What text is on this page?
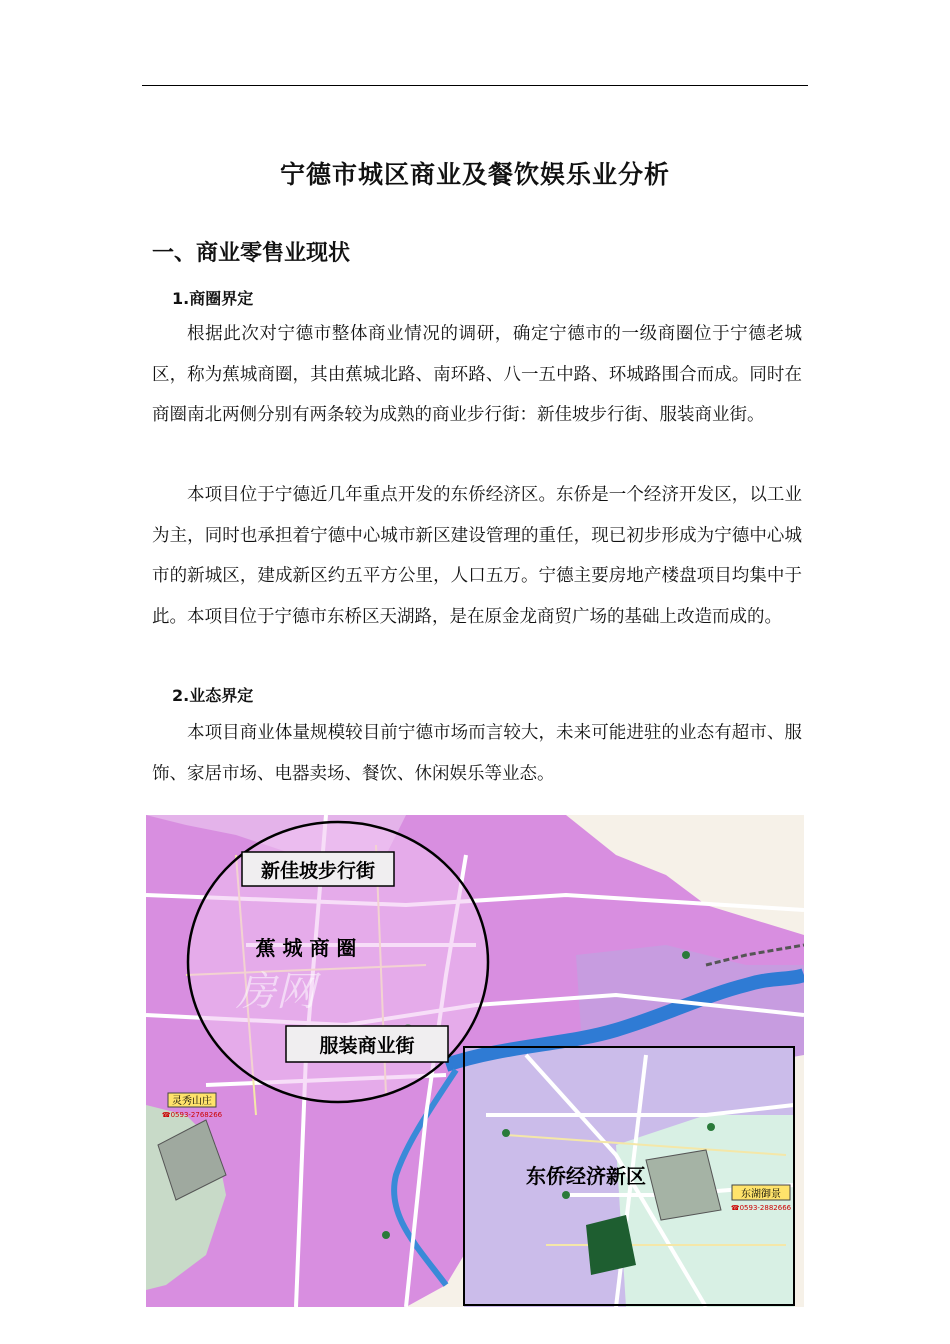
宁德市城区商业及餐饮娱乐业分析
一、商业零售业现状
1.商圈界定

根据此次对宁德市整体商业情况的调研，确定宁德市的一级商圈位于宁德老城区，称为蕉城商圈，其由蕉城北路、南环路、八一五中路、环城路围合而成。同时在商圈南北两侧分别有两条较为成熟的商业步行街：新佳坡步行街、服装商业街。

本项目位于宁德近几年重点开发的东侨经济区。东侨是一个经济开发区，以工业为主，同时也承担着宁德中心城市新区建设管理的重任，现已初步形成为宁德中心城市的新城区，建成新区约五平方公里，人口五万。宁德主要房地产楼盘项目均集中于此。本项目位于宁德市东桥区天湖路，是在原金龙商贸广场的基础上改造而成的。

2.业态界定

本项目商业体量规模较目前宁德市场而言较大，未来可能进驻的业态有超市、服饰、家居市场、电器卖场、餐饮、休闲娱乐等业态。

新佳坡步行街
蕉 城 商 圈
服装商业街
东侨经济新区
灵秀山庄
☎0593-2768266
东湖御景
☎0593-2882666
房网
